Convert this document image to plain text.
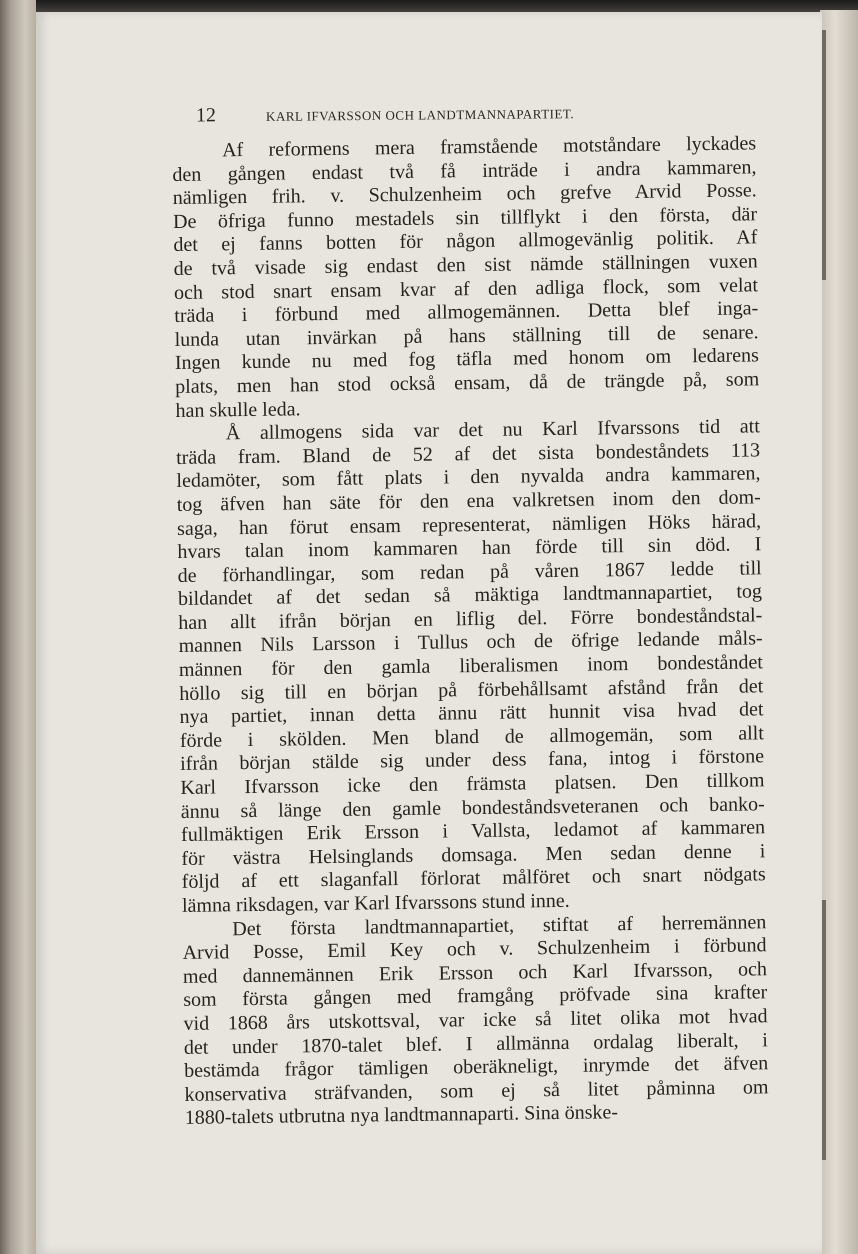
12	KARL IFVARSSON OCH LANDTMANNAPARTIET.
Af reformens mera framstående motståndare lyckades
den gången endast två få inträde i andra kammaren,
nämligen frih. v. Schulzenheim och grefve Arvid Posse.
De öfriga funno mestadels sin tillflykt i den första, där
det ej fanns botten för någon allmogevänlig politik. Af
de två visade sig endast den sist nämde ställningen vuxen
och stod snart ensam kvar af den adliga flock, som velat
träda i förbund med allmogemännen. Detta blef inga-
lunda utan invärkan på hans ställning till de senare.
Ingen kunde nu med fog täfla med honom om ledarens
plats, men han stod också ensam, då de trängde på, som
han skulle leda.
Å allmogens sida var det nu Karl Ifvarssons tid att
träda fram. Bland de 52 af det sista bondeståndets 113
ledamöter, som fått plats i den nyvalda andra kammaren,
tog äfven han säte för den ena valkretsen inom den dom-
saga, han förut ensam representerat, nämligen Höks härad,
hvars talan inom kammaren han förde till sin död. I
de förhandlingar, som redan på våren 1867 ledde till
bildandet af det sedan så mäktiga landtmannapartiet, tog
han allt ifrån början en liflig del. Förre bondeståndstal-
mannen Nils Larsson i Tullus och de öfrige ledande måls-
männen för den gamla liberalismen inom bondeståndet
höllo sig till en början på förbehållsamt afstånd från det
nya partiet, innan detta ännu rätt hunnit visa hvad det
förde i skölden. Men bland de allmogemän, som allt
ifrån början stälde sig under dess fana, intog i förstone
Karl Ifvarsson icke den främsta platsen. Den tillkom
ännu så länge den gamle bondeståndsveteranen och banko-
fullmäktigen Erik Ersson i Vallsta, ledamot af kammaren
för västra Helsinglands domsaga. Men sedan denne i
följd af ett slaganfall förlorat målföret och snart nödgats
lämna riksdagen, var Karl Ifvarssons stund inne.
Det första landtmannapartiet, stiftat af herremännen
Arvid Posse, Emil Key och v. Schulzenheim i förbund
med dannemännen Erik Ersson och Karl Ifvarsson, och
som första gången med framgång pröfvade sina krafter
vid 1868 års utskottsval, var icke så litet olika mot hvad
det under 1870-talet blef. I allmänna ordalag liberalt, i
bestämda frågor tämligen oberäkneligt, inrymde det äfven
konservativa sträfvanden, som ej så litet påminna om
1880-talets utbrutna nya landtmannaparti. Sina önske-
